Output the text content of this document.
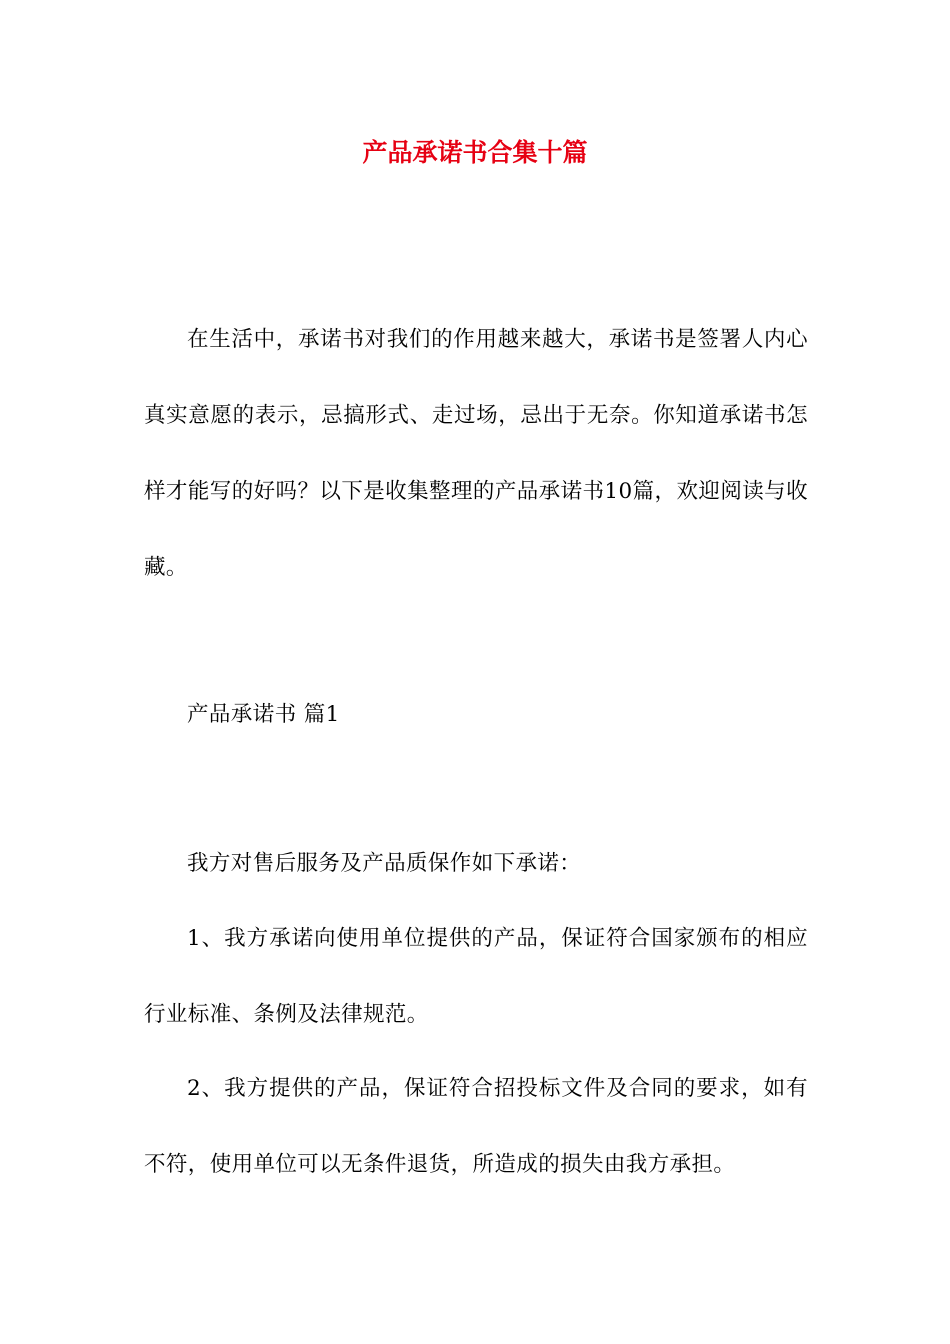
产品承诺书合集十篇

在生活中，承诺书对我们的作用越来越大，承诺书是签署人内心真实意愿的表示，忌搞形式、走过场，忌出于无奈。你知道承诺书怎样才能写的好吗？以下是收集整理的产品承诺书10篇，欢迎阅读与收藏。

产品承诺书 篇1

我方对售后服务及产品质保作如下承诺：

1、我方承诺向使用单位提供的产品，保证符合国家颁布的相应行业标准、条例及法律规范。

2、我方提供的产品，保证符合招投标文件及合同的要求，如有不符，使用单位可以无条件退货，所造成的损失由我方承担。
